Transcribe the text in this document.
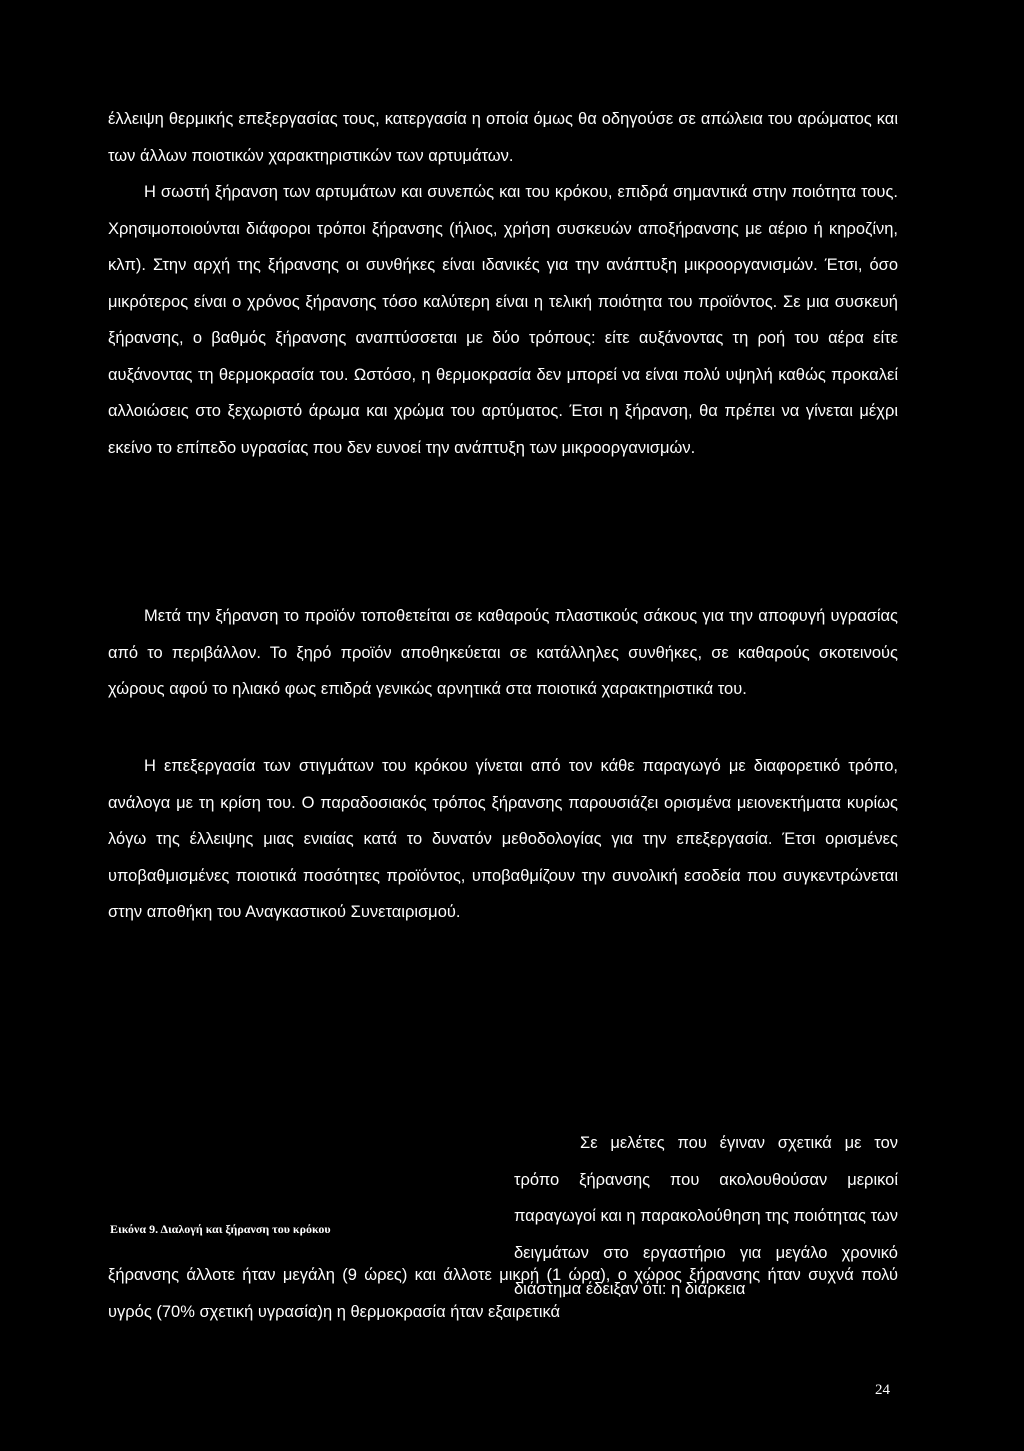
έλλειψη θερμικής επεξεργασίας τους, κατεργασία η οποία όμως θα οδηγούσε σε απώλεια του αρώματος και των άλλων ποιοτικών χαρακτηριστικών των αρτυμάτων.

Η σωστή ξήρανση των αρτυμάτων και συνεπώς και του κρόκου, επιδρά σημαντικά στην ποιότητα τους. Χρησιμοποιούνται διάφοροι τρόποι ξήρανσης (ήλιος, χρήση συσκευών αποξήρανσης με αέριο ή κηροζίνη, κλπ). Στην αρχή της ξήρανσης οι συνθήκες είναι ιδανικές για την ανάπτυξη μικροοργανισμών. Έτσι, όσο μικρότερος είναι ο χρόνος ξήρανσης τόσο καλύτερη είναι η τελική ποιότητα του προϊόντος. Σε μια συσκευή ξήρανσης, ο βαθμός ξήρανσης αναπτύσσεται με δύο τρόπους: είτε αυξάνοντας τη ροή του αέρα είτε αυξάνοντας τη θερμοκρασία του. Ωστόσο, η θερμοκρασία δεν μπορεί να είναι πολύ υψηλή καθώς προκαλεί αλλοιώσεις στο ξεχωριστό άρωμα και χρώμα του αρτύματος. Έτσι η ξήρανση, θα πρέπει να γίνεται μέχρι εκείνο το επίπεδο υγρασίας που δεν ευνοεί την ανάπτυξη των μικροοργανισμών.

Μετά την ξήρανση το προϊόν τοποθετείται σε καθαρούς πλαστικούς σάκους για την αποφυγή υγρασίας από το περιβάλλον. Το ξηρό προϊόν αποθηκεύεται σε κατάλληλες συνθήκες, σε καθαρούς σκοτεινούς χώρους αφού το ηλιακό φως επιδρά γενικώς αρνητικά στα ποιοτικά χαρακτηριστικά του.

Η επεξεργασία των στιγμάτων του κρόκου γίνεται από τον κάθε παραγωγό με διαφορετικό τρόπο, ανάλογα με τη κρίση του. Ο παραδοσιακός τρόπος ξήρανσης παρουσιάζει ορισμένα μειονεκτήματα κυρίως λόγω της έλλειψης μιας ενιαίας κατά το δυνατόν μεθοδολογίας για την επεξεργασία. Έτσι ορισμένες υποβαθμισμένες ποιοτικά ποσότητες προϊόντος, υποβαθμίζουν την συνολική εσοδεία που συγκεντρώνεται στην αποθήκη του Αναγκαστικού Συνεταιρισμού.

Σε μελέτες που έγιναν σχετικά με τον τρόπο ξήρανσης που ακολουθούσαν μερικοί παραγωγοί και η παρακολούθηση της ποιότητας των δειγμάτων στο εργαστήριο για μεγάλο χρονικό διάστημα έδειξαν ότι: η διάρκεια

Εικόνα 9. Διαλογή και ξήρανση του κρόκου

ξήρανσης άλλοτε ήταν μεγάλη (9 ώρες) και άλλοτε μικρή (1 ώρα), ο χώρος ξήρανσης ήταν συχνά πολύ υγρός (70% σχετική υγρασία)η η θερμοκρασία ήταν εξαιρετικά

24
